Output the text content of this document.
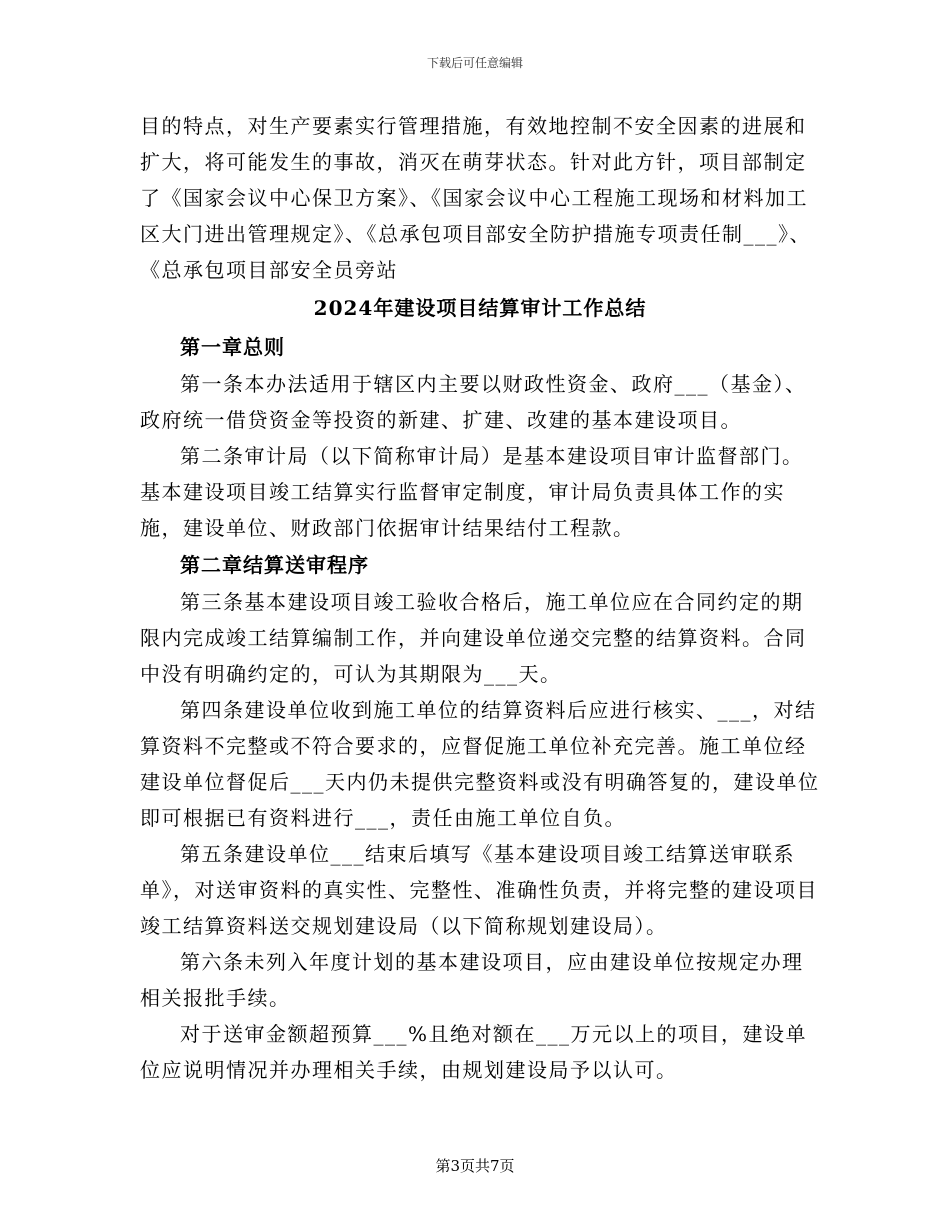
下载后可任意编辑

目的特点，对生产要素实行管理措施，有效地控制不安全因素的进展和扩大，将可能发生的事故，消灭在萌芽状态。针对此方针，项目部制定了《国家会议中心保卫方案》、《国家会议中心工程施工现场和材料加工区大门进出管理规定》、《总承包项目部安全防护措施专项责任制___》、《总承包项目部安全员旁站

2024年建设项目结算审计工作总结
第一章总则

第一条本办法适用于辖区内主要以财政性资金、政府___（基金）、政府统一借贷资金等投资的新建、扩建、改建的基本建设项目。

第二条审计局（以下简称审计局）是基本建设项目审计监督部门。基本建设项目竣工结算实行监督审定制度，审计局负责具体工作的实施，建设单位、财政部门依据审计结果结付工程款。

第二章结算送审程序

第三条基本建设项目竣工验收合格后，施工单位应在合同约定的期限内完成竣工结算编制工作，并向建设单位递交完整的结算资料。合同中没有明确约定的，可认为其期限为___天。

第四条建设单位收到施工单位的结算资料后应进行核实、___，对结算资料不完整或不符合要求的，应督促施工单位补充完善。施工单位经建设单位督促后___天内仍未提供完整资料或没有明确答复的，建设单位即可根据已有资料进行___，责任由施工单位自负。

第五条建设单位___结束后填写《基本建设项目竣工结算送审联系单》，对送审资料的真实性、完整性、准确性负责，并将完整的建设项目竣工结算资料送交规划建设局（以下简称规划建设局）。

第六条未列入年度计划的基本建设项目，应由建设单位按规定办理相关报批手续。

对于送审金额超预算___%且绝对额在___万元以上的项目，建设单位应说明情况并办理相关手续，由规划建设局予以认可。

第3页共7页
